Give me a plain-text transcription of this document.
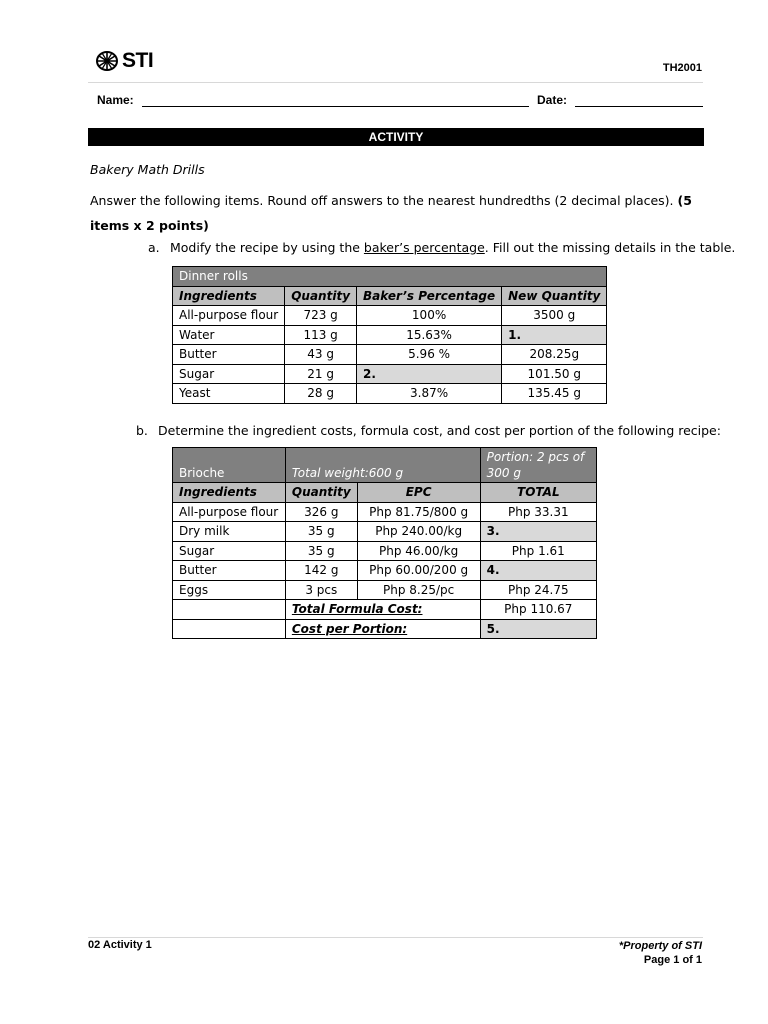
STI	TH2001
Name:	Date:
ACTIVITY
Bakery Math Drills
Answer the following items. Round off answers to the nearest hundredths (2 decimal places). (5 items x 2 points)
a. Modify the recipe by using the baker’s percentage. Fill out the missing details in the table.
Dinner rolls			
Ingredients	Quantity	Baker’s Percentage	New Quantity
All-purpose flour	723 g	100%	3500 g
Water	113 g	15.63%	1.
Butter	43 g	5.96 %	208.25g
Sugar	21 g	2.	101.50 g
Yeast	28 g	3.87%	135.45 g
b. Determine the ingredient costs, formula cost, and cost per portion of the following recipe:
Brioche	Total weight:600 g		Portion: 2 pcs of 300 g
Ingredients	Quantity	EPC	TOTAL
All-purpose flour	326 g	Php 81.75/800 g	Php 33.31
Dry milk	35 g	Php 240.00/kg	3.
Sugar	35 g	Php 46.00/kg	Php 1.61
Butter	142 g	Php 60.00/200 g	4.
Eggs	3 pcs	Php 8.25/pc	Php 24.75
	Total Formula Cost:		Php 110.67
	Cost per Portion:		5.
02 Activity 1	*Property of STI
Page 1 of 1
